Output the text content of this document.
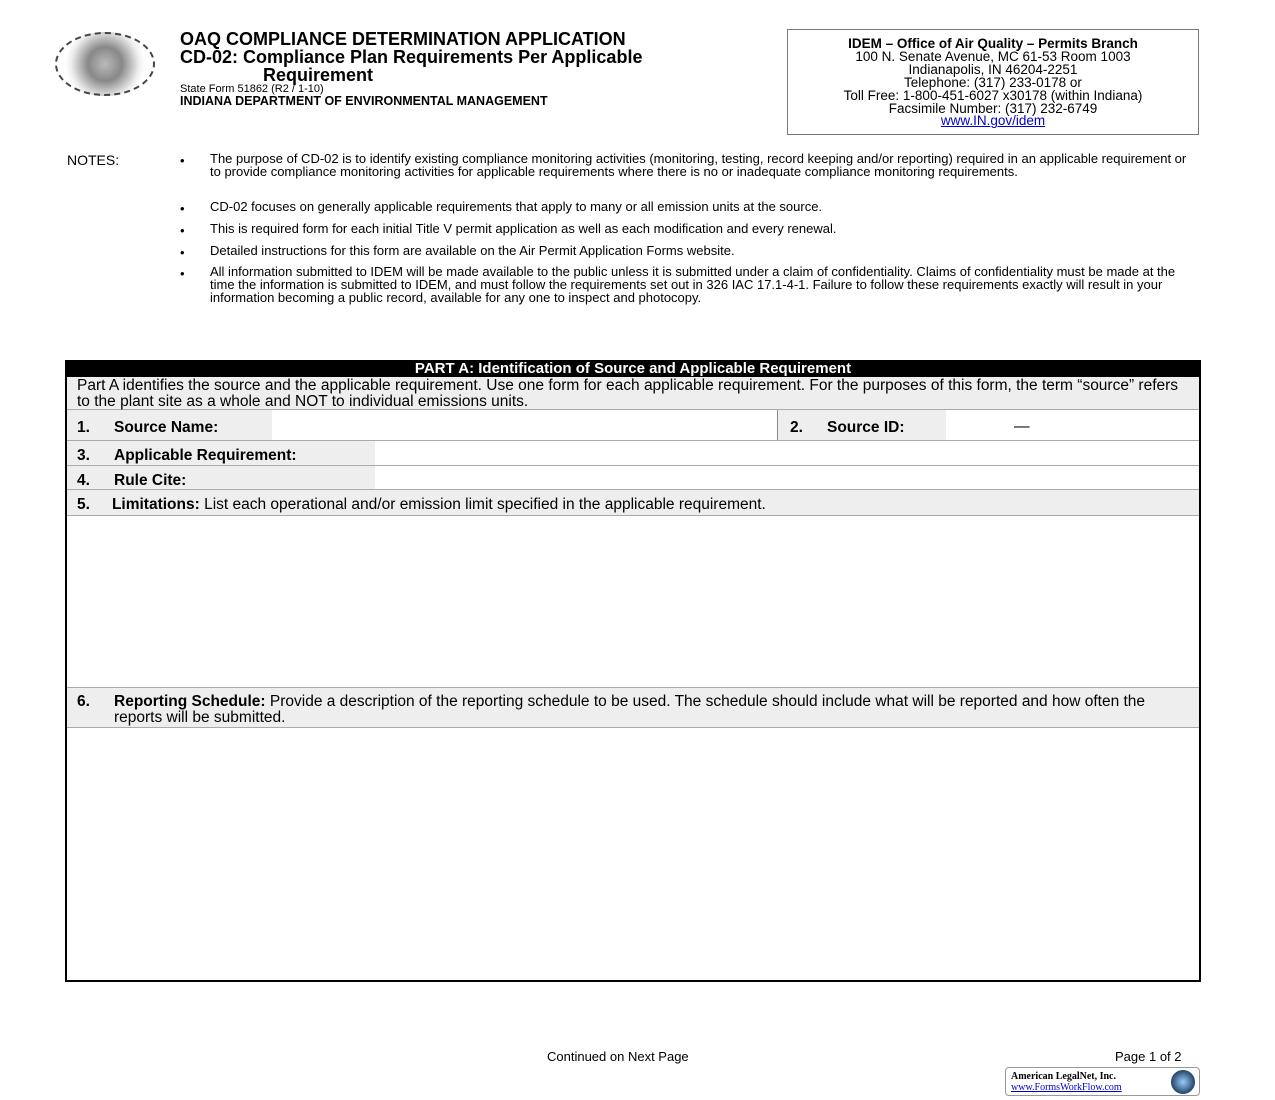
OAQ COMPLIANCE DETERMINATION APPLICATION
CD-02: Compliance Plan Requirements Per Applicable
Requirement
State Form 51862 (R2 / 1-10)
INDIANA DEPARTMENT OF ENVIRONMENTAL MANAGEMENT
IDEM – Office of Air Quality – Permits Branch
100 N. Senate Avenue, MC 61-53 Room 1003
Indianapolis, IN 46204-2251
Telephone: (317) 233-0178 or
Toll Free: 1-800-451-6027 x30178 (within Indiana)
Facsimile Number: (317) 232-6749
www.IN.gov/idem
NOTES:	• The purpose of CD-02 is to identify existing compliance monitoring activities (monitoring, testing, record keeping and/or reporting) required in an applicable requirement or to provide compliance monitoring activities for applicable requirements where there is no or inadequate compliance monitoring requirements.
• CD-02 focuses on generally applicable requirements that apply to many or all emission units at the source.
• This is required form for each initial Title V permit application as well as each modification and every renewal.
• Detailed instructions for this form are available on the Air Permit Application Forms website.
• All information submitted to IDEM will be made available to the public unless it is submitted under a claim of confidentiality. Claims of confidentiality must be made at the time the information is submitted to IDEM, and must follow the requirements set out in 326 IAC 17.1-4-1. Failure to follow these requirements exactly will result in your information becoming a public record, available for any one to inspect and photocopy.
PART A: Identification of Source and Applicable Requirement
Part A identifies the source and the applicable requirement. Use one form for each applicable requirement. For the purposes of this form, the term “source” refers to the plant site as a whole and NOT to individual emissions units.
1. Source Name:	2. Source ID:	—
3. Applicable Requirement:
4. Rule Cite:
5. Limitations: List each operational and/or emission limit specified in the applicable requirement.
6. Reporting Schedule: Provide a description of the reporting schedule to be used. The schedule should include what will be reported and how often the reports will be submitted.
Continued on Next Page	Page 1 of 2
American LegalNet, Inc.
www.FormsWorkFlow.com
